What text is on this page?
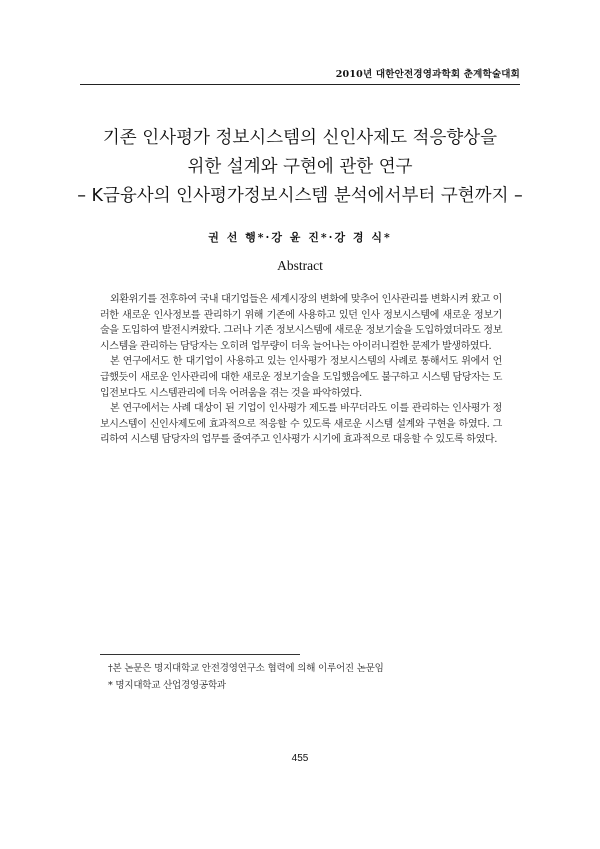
2010년 대한안전경영과학회 춘계학술대회
기존 인사평가 정보시스템의 신인사제도 적응향상을
위한 설계와 구현에 관한 연구
– K금융사의 인사평가정보시스템 분석에서부터 구현까지 –
권 선 행*·강 윤 진*·강 경 식*
Abstract

외환위기를 전후하여 국내 대기업들은 세계시장의 변화에 맞추어 인사관리를 변화시켜 왔고 이러한 새로운 인사정보를 관리하기 위해 기존에 사용하고 있던 인사 정보시스템에 새로운 정보기술을 도입하여 발전시켜왔다. 그러나 기존 정보시스템에 새로운 정보기술을 도입하였더라도 정보시스템을 관리하는 담당자는 오히려 업무량이 더욱 늘어나는 아이러니컬한 문제가 발생하였다.

본 연구에서도 한 대기업이 사용하고 있는 인사평가 정보시스템의 사례로 통해서도 위에서 언급했듯이 새로운 인사관리에 대한 새로운 정보기술을 도입했음에도 불구하고 시스템 담당자는 도입전보다도 시스템관리에 더욱 어려움을 겪는 것을 파악하였다.

본 연구에서는 사례 대상이 된 기업이 인사평가 제도를 바꾸더라도 이를 관리하는 인사평가 정보시스템이 신인사제도에 효과적으로 적응할 수 있도록 새로운 시스템 설계와 구현을 하였다. 그리하여 시스템 담당자의 업무를 줄여주고 인사평가 시기에 효과적으로 대응할 수 있도록 하였다.

†본 논문은 명지대학교 안전경영연구소 협력에 의해 이루어진 논문임
* 명지대학교 산업경영공학과
455
